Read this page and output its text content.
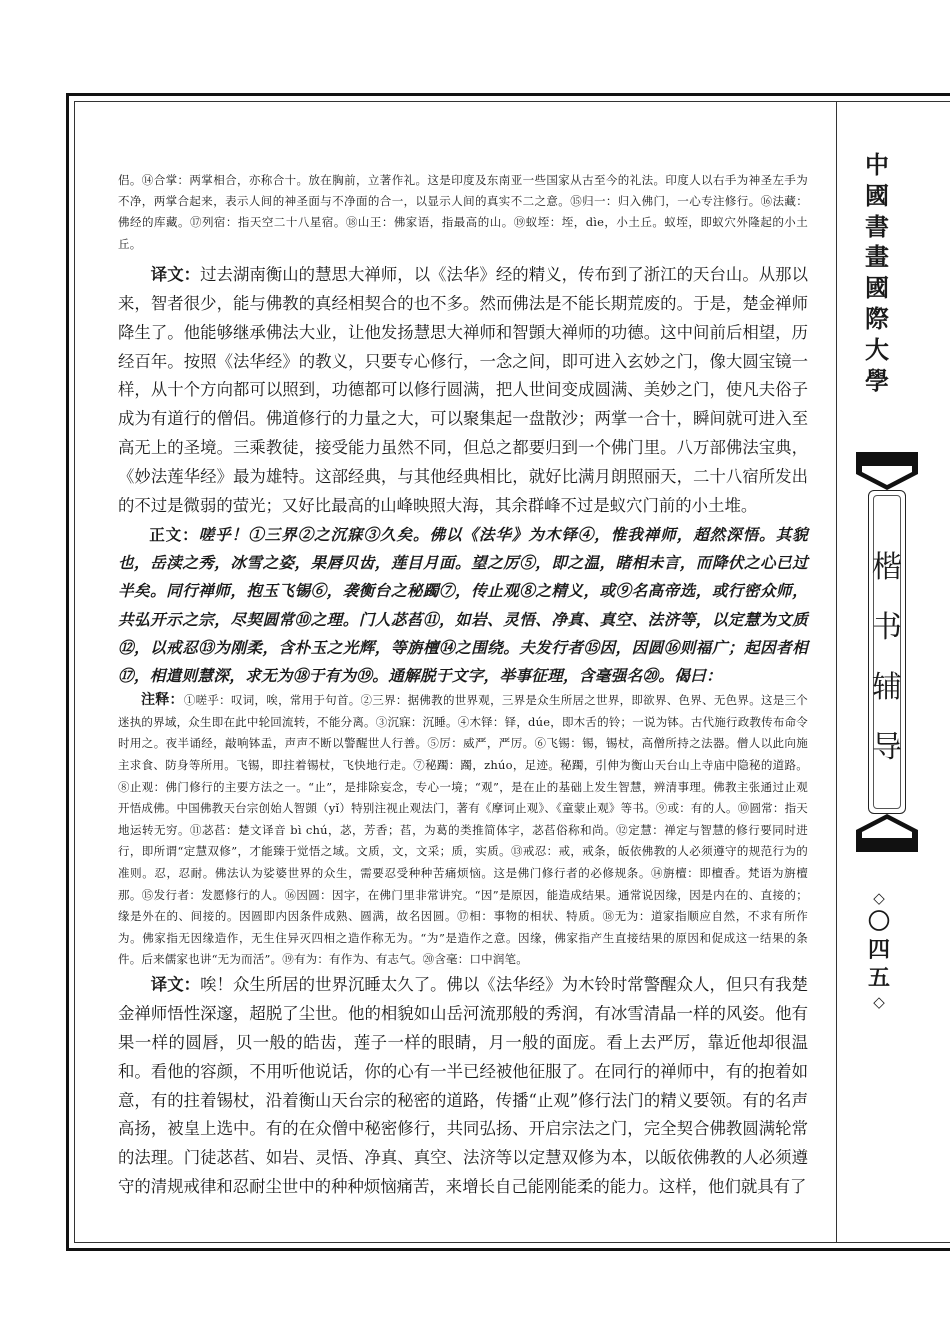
侣。⑭合掌：两掌相合，亦称合十。放在胸前，立著作礼。这是印度及东南亚一些国家从古至今的礼法。印度人以右手为神圣左手为不净，两掌合起来，表示人间的神圣面与不净面的合一，以显示人间的真实不二之意。⑮归一：归入佛门，一心专注修行。⑯法藏：佛经的库藏。⑰列宿：指天空二十八星宿。⑱山王：佛家语，指最高的山。⑲蚁垤：垤，dìe，小土丘。蚁垤，即蚁穴外隆起的小土丘。

译文：过去湖南衡山的慧思大禅师，以《法华》经的精义，传布到了浙江的天台山。从那以来，智者很少，能与佛教的真经相契合的也不多。然而佛法是不能长期荒废的。于是，楚金禅师降生了。他能够继承佛法大业，让他发扬慧思大禅师和智顗大禅师的功德。这中间前后相望，历经百年。按照《法华经》的教义，只要专心修行，一念之间，即可进入玄妙之门，像大圆宝镜一样，从十个方向都可以照到，功德都可以修行圆满，把人世间变成圆满、美妙之门，使凡夫俗子成为有道行的僧侣。佛道修行的力量之大，可以聚集起一盘散沙；两掌一合十，瞬间就可进入至高无上的圣境。三乘教徒，接受能力虽然不同，但总之都要归到一个佛门里。八万部佛法宝典，《妙法莲华经》最为雄特。这部经典，与其他经典相比，就好比满月朗照丽天，二十八宿所发出的不过是微弱的萤光；又好比最高的山峰映照大海，其余群峰不过是蚁穴门前的小土堆。

正文：嗟乎！①三界②之沉寐③久矣。佛以《法华》为木铎④，惟我禅师，超然深悟。其貌也，岳渎之秀，冰雪之姿，果唇贝齿，莲目月面。望之厉⑤，即之温，睹相未言，而降伏之心已过半矣。同行禅师，抱玉飞锡⑥，袭衡台之秘躅⑦，传止观⑧之精义，或⑨名高帝选，或行密众师，共弘开示之宗，尽契圆常⑩之理。门人苾萏⑪，如岩、灵悟、净真、真空、法济等，以定慧为文质⑫，以戒忍⑬为刚柔，含朴玉之光辉，等旃檀⑭之围绕。夫发行者⑮因，因圆⑯则福广；起因者相⑰，相遣则慧深，求无为⑱于有为⑲。通解脱于文字，举事征理，含毫强名⑳。偈曰：

注释：①嗟乎：叹词，唉，常用于句首。②三界：据佛教的世界观，三界是众生所居之世界，即欲界、色界、无色界。这是三个迷执的界域，众生即在此中轮回流转，不能分离。③沉寐：沉睡。④木铎：铎，dúe，即木舌的铃；一说为钵。古代施行政教传布命令时用之。夜半诵经，敲响钵盂，声声不断以警醒世人行善。⑤厉：威严，严厉。⑥飞锡：锡，锡杖，高僧所持之法器。僧人以此向施主求食、防身等所用。飞锡，即拄着锡杖，飞快地行走。⑦秘躅：躅，zhúo，足迹。秘躅，引伸为衡山天台山上寺庙中隐秘的道路。⑧止观：佛门修行的主要方法之一。“止”，是排除妄念，专心一境；“观”，是在止的基础上发生智慧，辨清事理。佛教主张通过止观开悟成佛。中国佛教天台宗创始人智顗（yǐ）特别注视止观法门，著有《摩诃止观》、《童蒙止观》等书。⑨或：有的人。⑩圆常：指天地运转无穷。⑪苾萏：楚文译音 bì chú，苾，芳香；萏，为葛的类推简体字，苾萏俗称和尚。⑫定慧：禅定与智慧的修行要同时进行，即所谓“定慧双修”，才能臻于觉悟之域。文质，文，文采；质，实质。⑬戒忍：戒，戒条，皈依佛教的人必须遵守的规范行为的准则。忍，忍耐。佛法认为娑婆世界的众生，需要忍受种种苦痛烦恼。这是佛门修行者的必修规条。⑭旃檀：即檀香。梵语为旃檀那。⑮发行者：发愿修行的人。⑯因圆：因字，在佛门里非常讲究。“因”是原因，能造成结果。通常说因缘，因是内在的、直接的；缘是外在的、间接的。因圆即内因条件成熟、圆满，故名因圆。⑰相：事物的相状、特质。⑱无为：道家指顺应自然，不求有所作为。佛家指无因缘造作，无生住异灭四相之造作称无为。“为”是造作之意。因缘，佛家指产生直接结果的原因和促成这一结果的条件。后来儒家也讲“无为而活”。⑲有为：有作为、有志气。⑳含毫：口中润笔。

译文：唉！众生所居的世界沉睡太久了。佛以《法华经》为木铃时常警醒众人，但只有我楚金禅师悟性深邃，超脱了尘世。他的相貌如山岳河流那般的秀润，有冰雪清晶一样的风姿。他有果一样的圆唇，贝一般的皓齿，莲子一样的眼睛，月一般的面庞。看上去严厉，靠近他却很温和。看他的容颜，不用听他说话，你的心有一半已经被他征服了。在同行的禅师中，有的抱着如意，有的拄着锡杖，沿着衡山天台宗的秘密的道路，传播“止观”修行法门的精义要领。有的名声高扬，被皇上选中。有的在众僧中秘密修行，共同弘扬、开启宗法之门，完全契合佛教圆满轮常的法理。门徒苾萏、如岩、灵悟、净真、真空、法济等以定慧双修为本，以皈依佛教的人必须遵守的清规戒律和忍耐尘世中的种种烦恼痛苦，来增长自己能刚能柔的能力。这样，他们就具有了

中
國
書
畫
國
際
大
學
楷
书
辅
导
◇
〇
四
五
◇
